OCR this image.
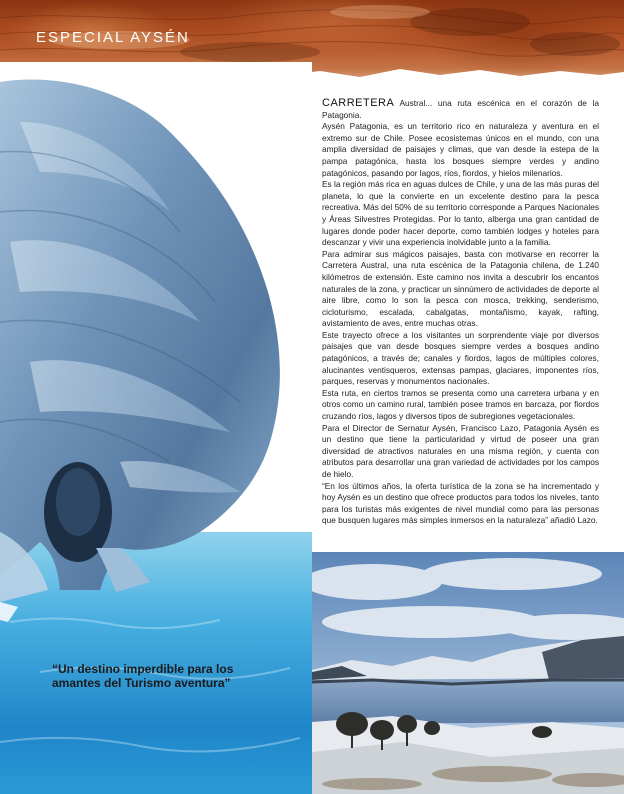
ESPECIAL AYSÉN
“Un destino imperdible para los amantes del Turismo aventura”

CARRETERA Austral... una ruta escénica en el corazón de la Patagonia.

Aysén Patagonia, es un territorio rico en naturaleza y aventura en el extremo sur de Chile. Posee ecosistemas únicos en el mundo, con una amplia diversidad de paisajes y climas, que van desde la estepa de la pampa patagónica, hasta los bosques siempre verdes y andino patagónicos, pasando por lagos, ríos, fiordos, y hielos milenarios.

Es la región más rica en aguas dulces de Chile, y una de las más puras del planeta, lo que la convierte en un excelente destino para la pesca recreativa. Más del 50% de su territorio corresponde a Parques Nacionales y Áreas Silvestres Protegidas. Por lo tanto, alberga una gran cantidad de lugares donde poder hacer deporte, como también lodges y hoteles para descanzar y vivir una experiencia inolvidable junto a la familia.

Para admirar sus mágicos paisajes, basta con motivarse en recorrer la Carretera Austral, una ruta escénica de la Patagonia chilena, de 1.240 kilómetros de extensión. Este camino nos invita a descubrir los encantos naturales de la zona, y practicar un sinnúmero de actividades de deporte al aire libre, como lo son la pesca con mosca, trekking, senderismo, cicloturismo, escalada, cabalgatas, montañismo, kayak, rafting, avistamiento de aves, entre muchas otras.

Este trayecto ofrece a los visitantes un sorprendente viaje por diversos paisajes que van desde bosques siempre verdes a bosques andino patagónicos, a través de; canales y fiordos, lagos de múltiples colores, alucinantes ventisqueros, extensas pampas, glaciares, imponentes ríos, parques, reservas y monumentos nacionales.

Esta ruta, en ciertos tramos se presenta como una carretera urbana y en otros como un camino rural, también posee tramos en barcaza, por fiordos cruzando ríos, lagos y diversos tipos de subregiones vegetacionales.

Para el Director de Sernatur Aysén, Francisco Lazo, Patagonia Aysén es un destino que tiene la particularidad y virtud de poseer una gran diversidad de atractivos naturales en una misma región, y cuenta con atributos para desarrollar una gran variedad de actividades por los campos de hielo.

“En los últimos años, la oferta turística de la zona se ha incrementado y hoy Aysén es un destino que ofrece productos para todos los niveles, tanto para los turistas más exigentes de nivel mundial como para las personas que busquen lugares más simples inmersos en la naturaleza” añadió Lazo.
